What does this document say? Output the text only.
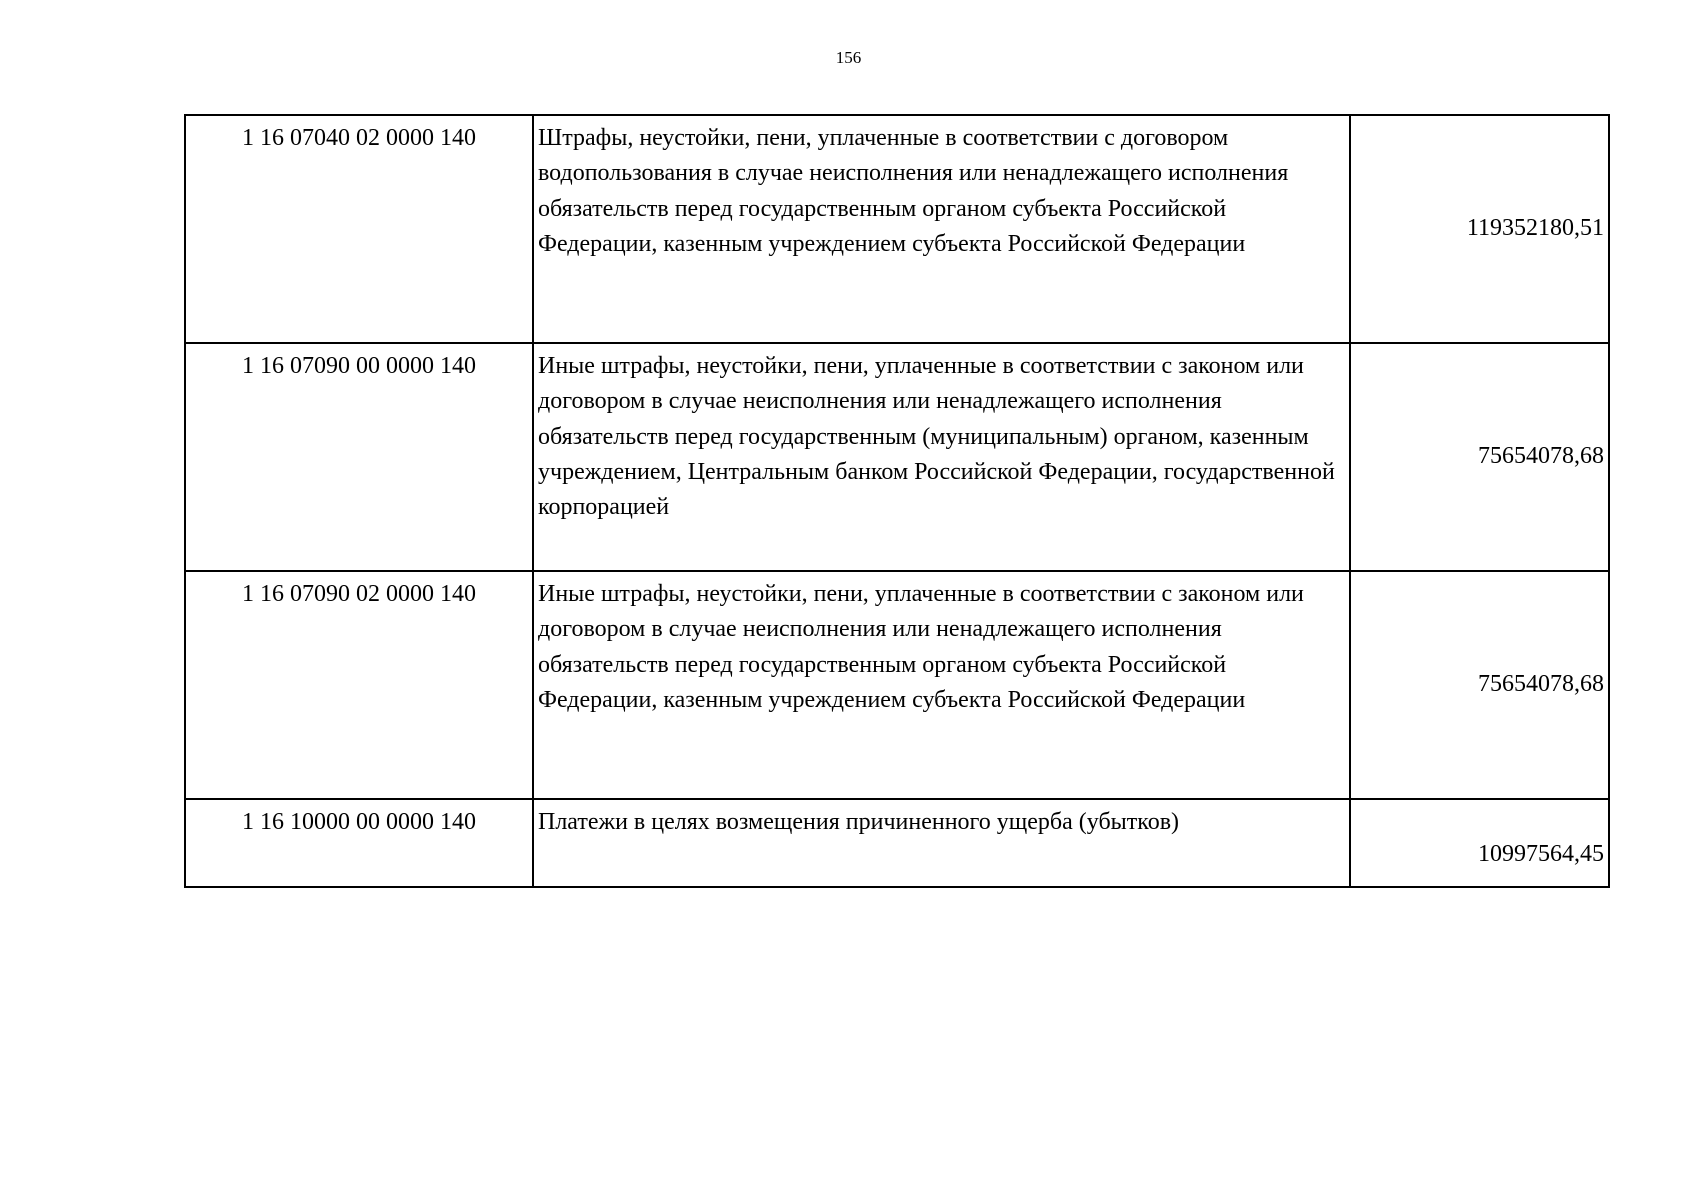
156
1 16 07040 02 0000 140	Штрафы, неустойки, пени, уплаченные в соответствии с договором водопользования в случае неисполнения или ненадлежащего исполнения обязательств перед государственным органом субъекта Российской Федерации, казенным учреждением субъекта Российской Федерации	119352180,51
1 16 07090 00 0000 140	Иные штрафы, неустойки, пени, уплаченные в соответствии с законом или договором в случае неисполнения или ненадлежащего исполнения обязательств перед государственным (муниципальным) органом, казенным учреждением, Центральным банком Российской Федерации, государственной корпорацией	75654078,68
1 16 07090 02 0000 140	Иные штрафы, неустойки, пени, уплаченные в соответствии с законом или договором в случае неисполнения или ненадлежащего исполнения обязательств перед государственным органом субъекта Российской Федерации, казенным учреждением субъекта Российской Федерации	75654078,68
1 16 10000 00 0000 140	Платежи в целях возмещения причиненного ущерба (убытков)	10997564,45
